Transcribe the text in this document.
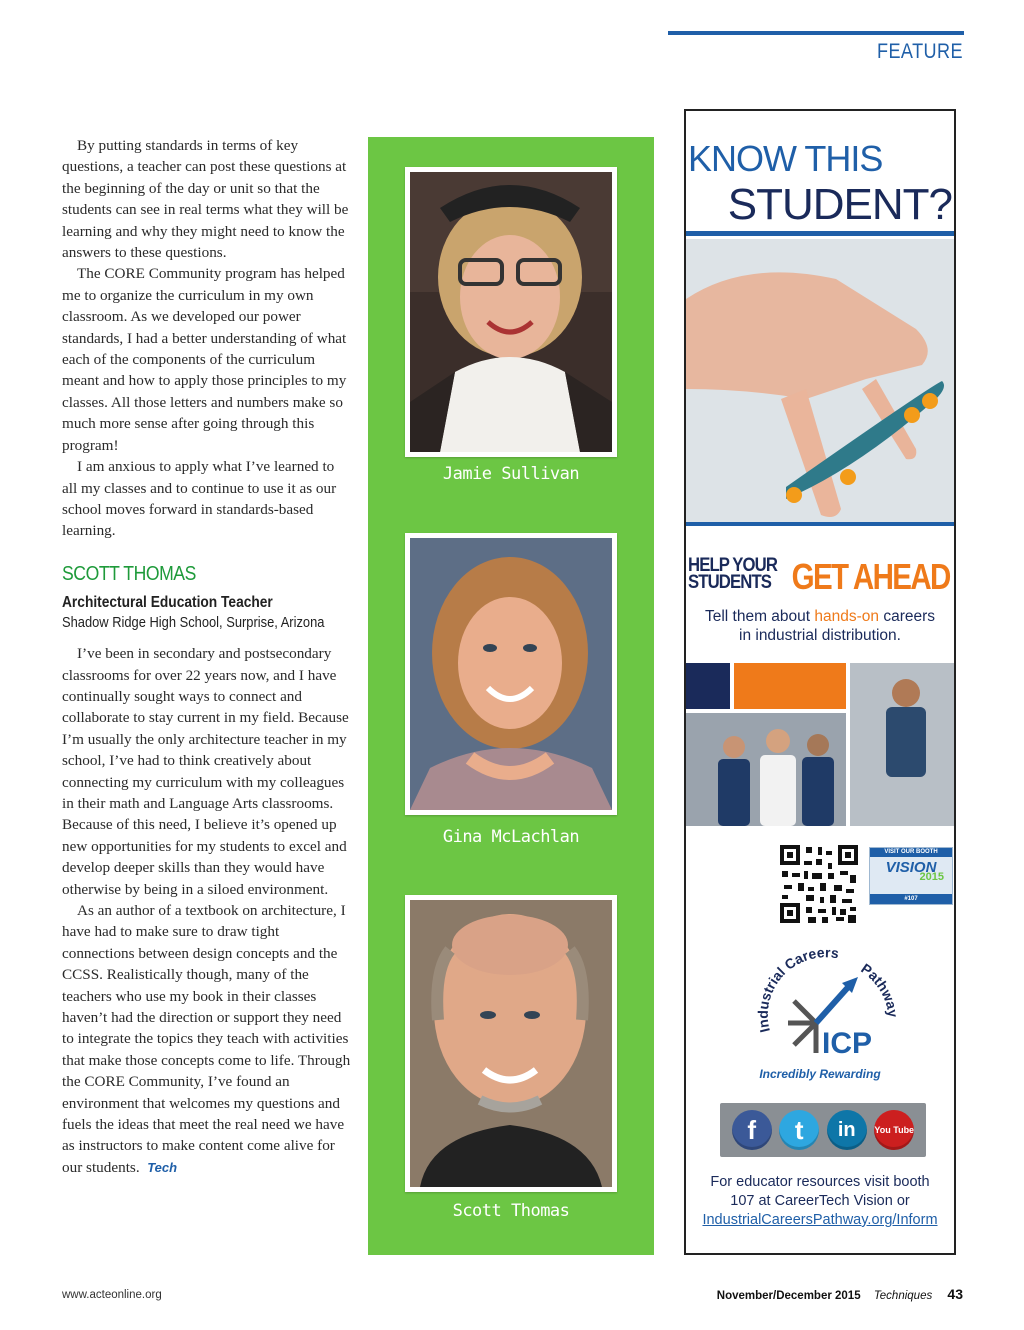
FEATURE

By putting standards in terms of key questions, a teacher can post these questions at the beginning of the day or unit so that the students can see in real terms what they will be learning and why they might need to know the answers to these questions.

The CORE Community program has helped me to organize the curriculum in my own classroom. As we developed our power standards, I had a better understanding of what each of the components of the curriculum meant and how to apply those principles to my classes. All those letters and numbers make so much more sense after going through this program!

I am anxious to apply what I’ve learned to all my classes and to continue to use it as our school moves forward in standards-based learning.

SCOTT THOMAS
Architectural Education Teacher
Shadow Ridge High School, Surprise, Arizona

I’ve been in secondary and postsecondary classrooms for over 22 years now, and I have continually sought ways to connect and collaborate to stay current in my field. Because I’m usually the only architecture teacher in my school, I’ve had to think creatively about connecting my curriculum with my colleagues in their math and Language Arts classrooms. Because of this need, I believe it’s opened up new opportunities for my students to excel and develop deeper skills than they would have otherwise by being in a siloed environment.

As an author of a textbook on architecture, I have had to make sure to draw tight connections between design concepts and the CCSS. Realistically though, many of the teachers who use my book in their classes haven’t had the direction or support they need to integrate the topics they teach with activities that make those concepts come to life. Through the CORE Community, I’ve found an environment that welcomes my questions and fuels the ideas that meet the real need we have as instructors to make content come alive for our students. Tech

Jamie Sullivan
Gina McLachlan
Scott Thomas
KNOW THIS
STUDENT?
HELP YOUR
STUDENTS GET AHEAD
Tell them about hands-on careers
in industrial distribution.
VISIT OUR BOOTH
VISION
2015
#107
Industrial Careers
Pathway
ICP
Incredibly Rewarding
f	t	in	You Tube
For educator resources visit booth
107 at CareerTech Vision or
IndustrialCareersPathway.org/Inform
www.acteonline.org	November/December 2015 Techniques 43
